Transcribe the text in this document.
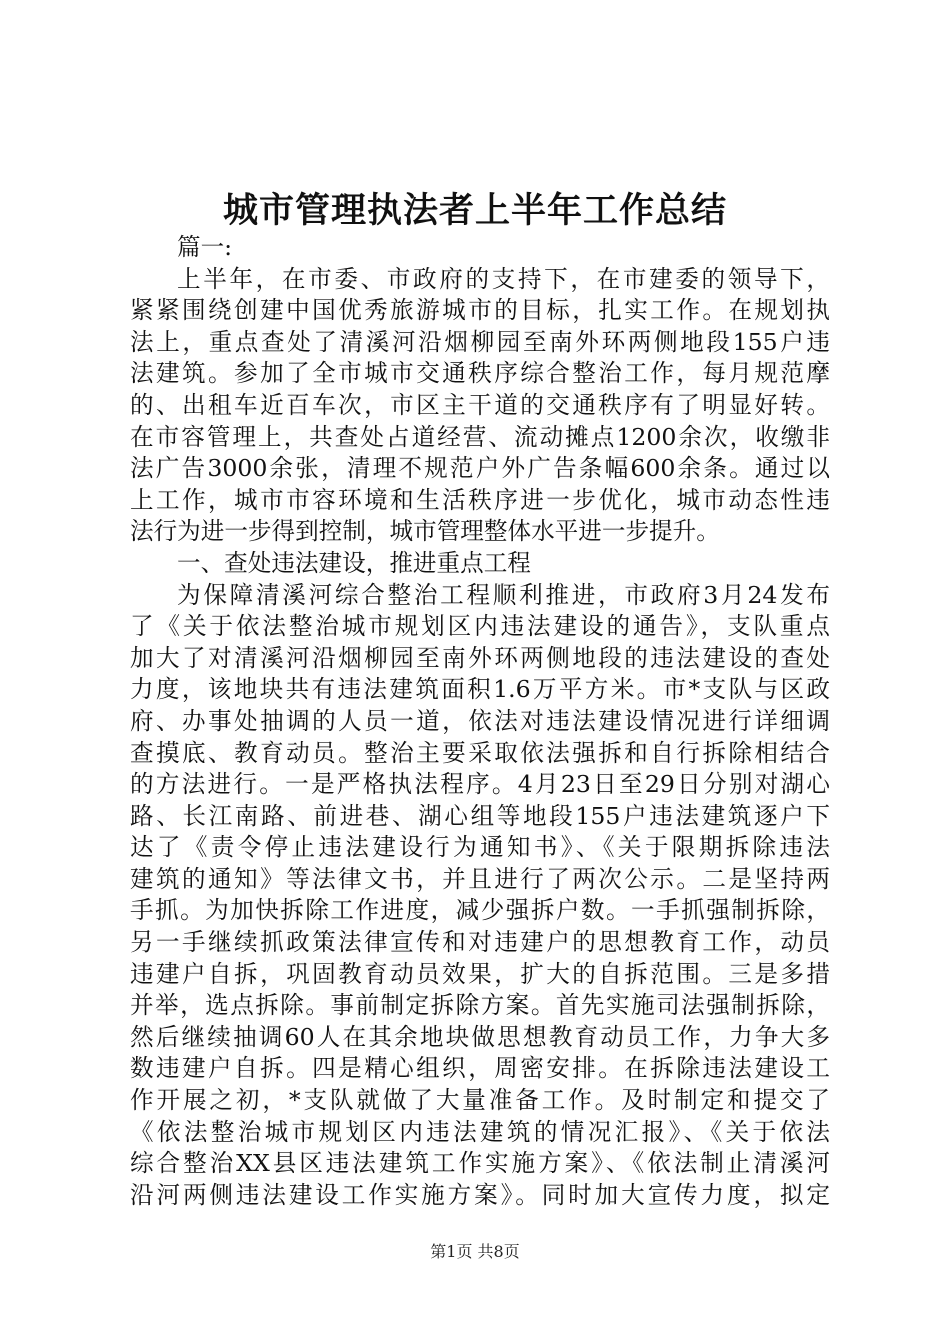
城市管理执法者上半年工作总结
篇一:
上半年，在市委、市政府的支持下，在市建委的领导下，
紧紧围绕创建中国优秀旅游城市的目标，扎实工作。在规划执
法上，重点查处了清溪河沿烟柳园至南外环两侧地段155户违
法建筑。参加了全市城市交通秩序综合整治工作，每月规范摩
的、出租车近百车次，市区主干道的交通秩序有了明显好转。
在市容管理上，共查处占道经营、流动摊点1200余次，收缴非
法广告3000余张，清理不规范户外广告条幅600余条。通过以
上工作，城市市容环境和生活秩序进一步优化，城市动态性违
法行为进一步得到控制，城市管理整体水平进一步提升。
一、查处违法建设，推进重点工程
为保障清溪河综合整治工程顺利推进，市政府3月24发布
了《关于依法整治城市规划区内违法建设的通告》，支队重点
加大了对清溪河沿烟柳园至南外环两侧地段的违法建设的查处
力度，该地块共有违法建筑面积1.6万平方米。市*支队与区政
府、办事处抽调的人员一道，依法对违法建设情况进行详细调
查摸底、教育动员。整治主要采取依法强拆和自行拆除相结合
的方法进行。一是严格执法程序。4月23日至29日分别对湖心
路、长江南路、前进巷、湖心组等地段155户违法建筑逐户下
达了《责令停止违法建设行为通知书》、《关于限期拆除违法
建筑的通知》等法律文书，并且进行了两次公示。二是坚持两
手抓。为加快拆除工作进度，减少强拆户数。一手抓强制拆除，
另一手继续抓政策法律宣传和对违建户的思想教育工作，动员
违建户自拆，巩固教育动员效果，扩大的自拆范围。三是多措
并举，选点拆除。事前制定拆除方案。首先实施司法强制拆除，
然后继续抽调60人在其余地块做思想教育动员工作，力争大多
数违建户自拆。四是精心组织，周密安排。在拆除违法建设工
作开展之初，*支队就做了大量准备工作。及时制定和提交了
《依法整治城市规划区内违法建筑的情况汇报》、《关于依法
综合整治XX县区违法建筑工作实施方案》、《依法制止清溪河
沿河两侧违法建设工作实施方案》。同时加大宣传力度，拟定
第1页 共8页
